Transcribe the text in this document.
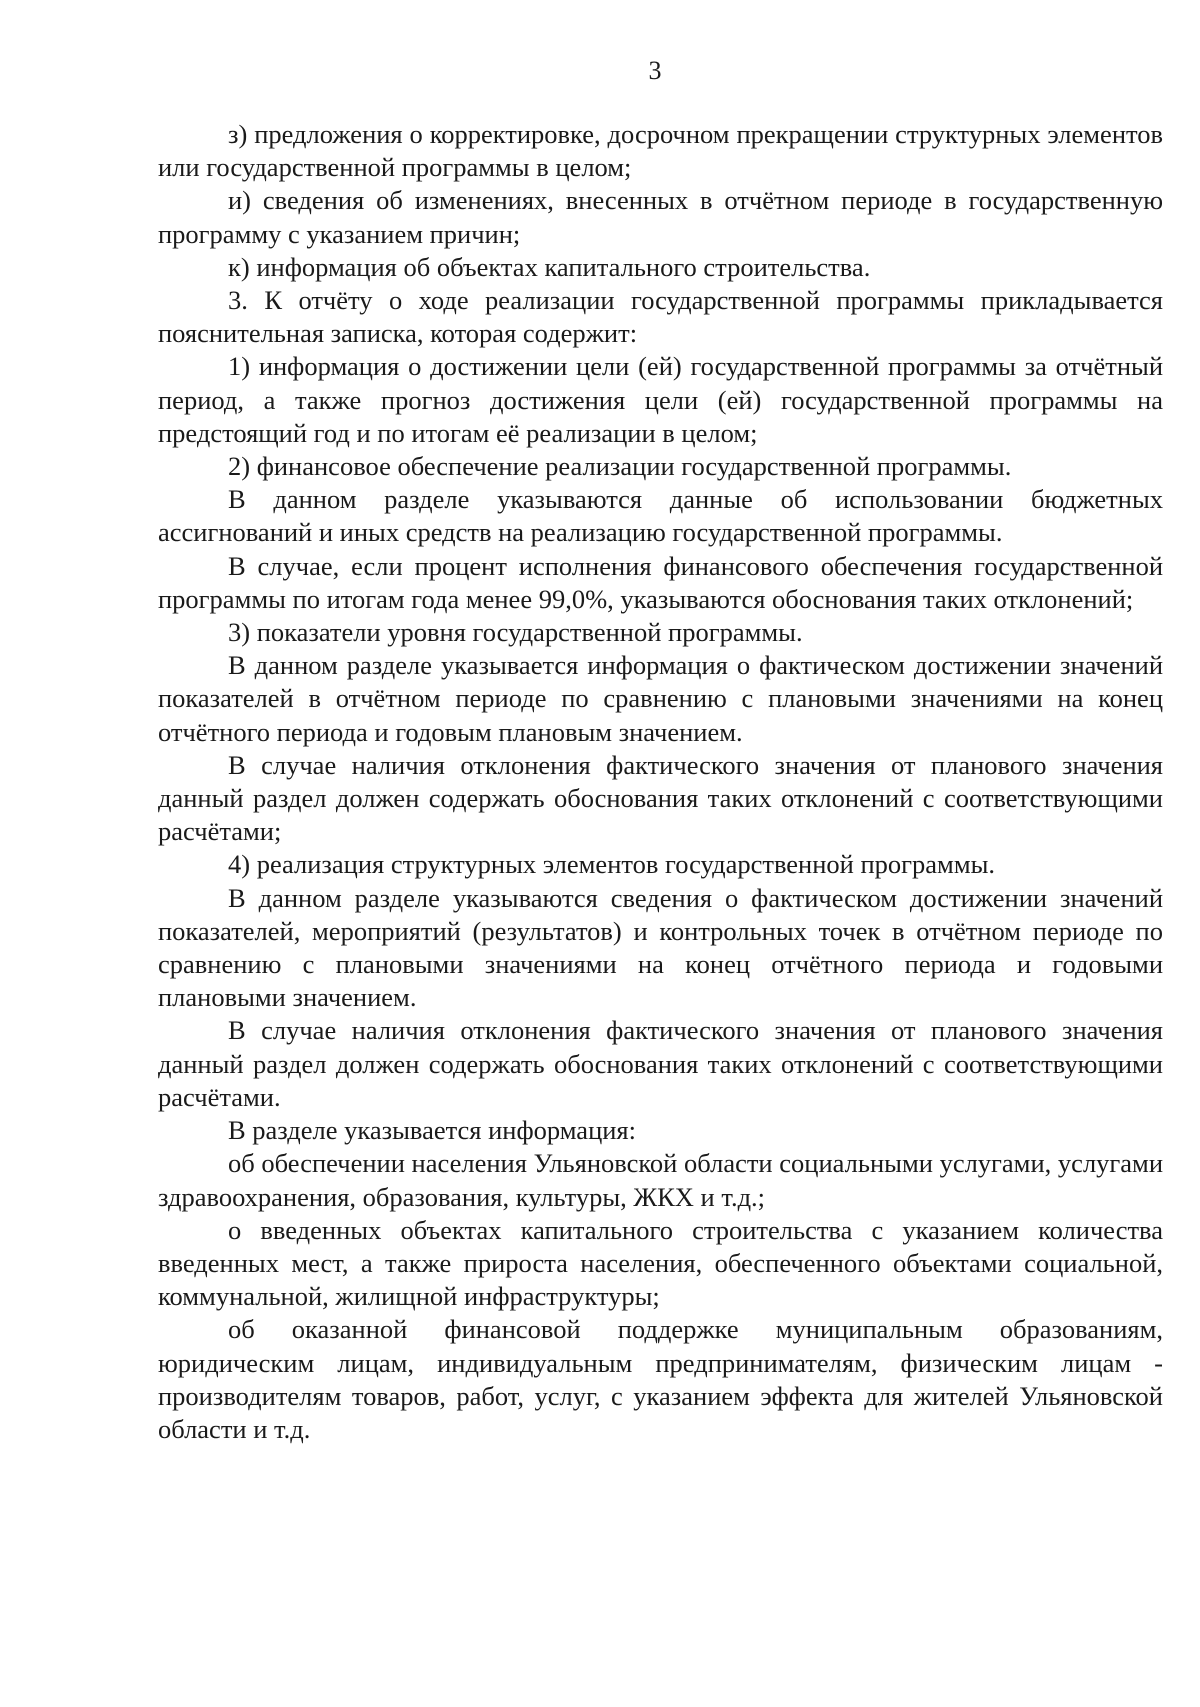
3

з) предложения о корректировке, досрочном прекращении структурных элементов или государственной программы в целом;

и) сведения об изменениях, внесенных в отчётном периоде в государственную программу с указанием причин;

к) информация об объектах капитального строительства.

3. К отчёту о ходе реализации государственной программы прикладывается пояснительная записка, которая содержит:

1) информация о достижении цели (ей) государственной программы за отчётный период, а также прогноз достижения цели (ей) государственной программы на предстоящий год и по итогам её реализации в целом;

2) финансовое обеспечение реализации государственной программы.

В данном разделе указываются данные об использовании бюджетных ассигнований и иных средств на реализацию государственной программы.

В случае, если процент исполнения финансового обеспечения государственной программы по итогам года менее 99,0%, указываются обоснования таких отклонений;

3) показатели уровня государственной программы.

В данном разделе указывается информация о фактическом достижении значений показателей в отчётном периоде по сравнению с плановыми значениями на конец отчётного периода и годовым плановым значением.

В случае наличия отклонения фактического значения от планового значения данный раздел должен содержать обоснования таких отклонений с соответствующими расчётами;

4) реализация структурных элементов государственной программы.

В данном разделе указываются сведения о фактическом достижении значений показателей, мероприятий (результатов) и контрольных точек в отчётном периоде по сравнению с плановыми значениями на конец отчётного периода и годовыми плановыми значением.

В случае наличия отклонения фактического значения от планового значения данный раздел должен содержать обоснования таких отклонений с соответствующими расчётами.

В разделе указывается информация:

об обеспечении населения Ульяновской области социальными услугами, услугами здравоохранения, образования, культуры, ЖКХ и т.д.;

о введенных объектах капитального строительства с указанием количества введенных мест, а также прироста населения, обеспеченного объектами социальной, коммунальной, жилищной инфраструктуры;

об оказанной финансовой поддержке муниципальным образованиям, юридическим лицам, индивидуальным предпринимателям, физическим лицам - производителям товаров, работ, услуг, с указанием эффекта для жителей Ульяновской области и т.д.
